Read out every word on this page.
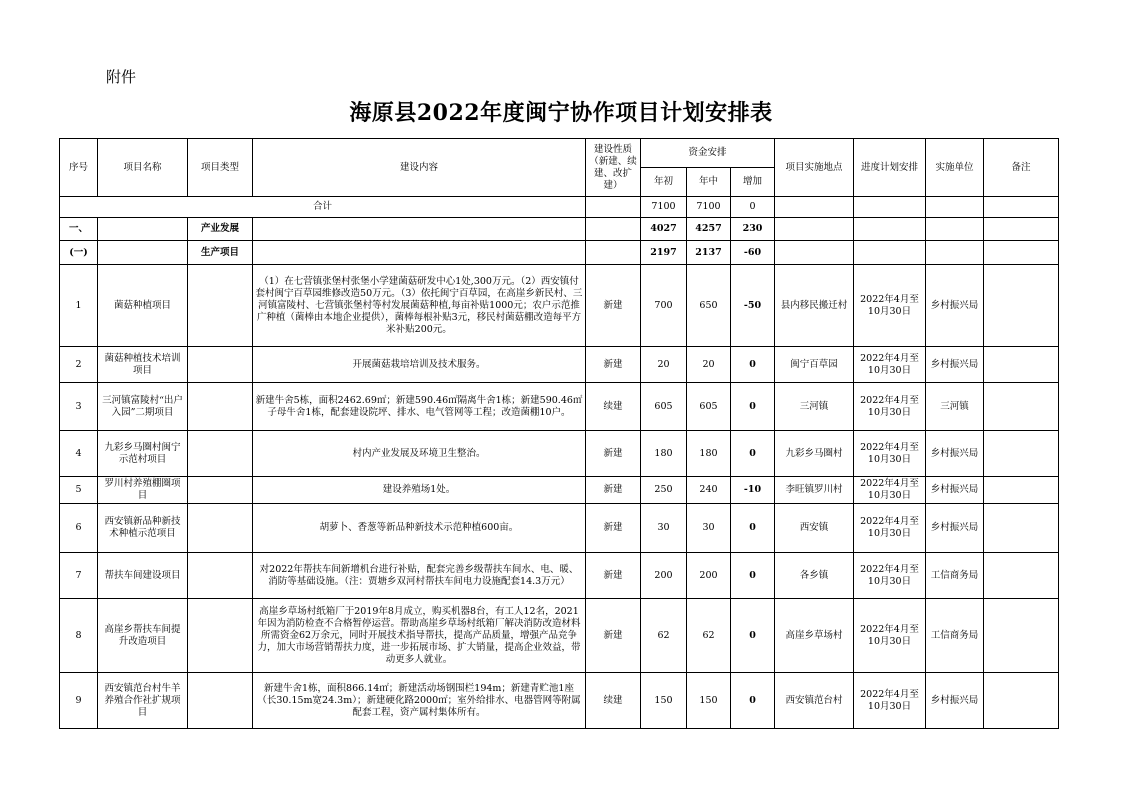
附件
海原县2022年度闽宁协作项目计划安排表
序号	项目名称	项目类型	建设内容	建设性质（新建、续建、改扩建）	资金安排			项目实施地点	进度计划安排	实施单位	备注
					年初	年中	增加				
合计					7100	7100	0				
一、		产业发展			4027	4257	230				
(一)		生产项目			2197	2137	-60				
1	菌菇种植项目		（1）在七营镇张堡村张堡小学建菌菇研发中心1处,300万元。（2）西安镇付套村闽宁百草园维修改造50万元。（3）依托闽宁百草园，在高崖乡新民村、三河镇富陵村、七营镇张堡村等村发展菌菇种植,每亩补贴1000元；农户示范推广种植（菌棒由本地企业提供），菌棒每根补贴3元，移民村菌菇棚改造每平方米补贴200元。	新建	700	650	-50	县内移民搬迁村	2022年4月至10月30日	乡村振兴局	
2	菌菇种植技术培训项目		开展菌菇栽培培训及技术服务。	新建	20	20	0	闽宁百草园	2022年4月至10月30日	乡村振兴局	
3	三河镇富陵村“出户入园”二期项目		新建牛舍5栋，面积2462.69㎡；新建590.46㎡隔离牛舍1栋；新建590.46㎡子母牛舍1栋，配套建设院坪、排水、电气管网等工程；改造菌棚10户。	续建	605	605	0	三河镇	2022年4月至10月30日	三河镇	
4	九彩乡马圈村闽宁示范村项目		村内产业发展及环境卫生整治。	新建	180	180	0	九彩乡马圈村	2022年4月至10月30日	乡村振兴局	
5	罗川村养殖棚圈项目		建设养殖场1处。	新建	250	240	-10	李旺镇罗川村	2022年4月至10月30日	乡村振兴局	
6	西安镇新品种新技术种植示范项目		胡萝卜、香葱等新品种新技术示范种植600亩。	新建	30	30	0	西安镇	2022年4月至10月30日	乡村振兴局	
7	帮扶车间建设项目		对2022年帮扶车间新增机台进行补贴，配套完善乡级帮扶车间水、电、暖、消防等基础设施。（注：贾塘乡双河村帮扶车间电力设施配套14.3万元）	新建	200	200	0	各乡镇	2022年4月至10月30日	工信商务局	
8	高崖乡帮扶车间提升改造项目		高崖乡草场村纸箱厂于2019年8月成立，购买机器8台，有工人12名，2021年因为消防检查不合格暂停运营。帮助高崖乡草场村纸箱厂解决消防改造材料所需资金62万余元，同时开展技术指导帮扶，提高产品质量，增强产品竞争力，加大市场营销帮扶力度，进一步拓展市场、扩大销量，提高企业效益，带动更多人就业。	新建	62	62	0	高崖乡草场村	2022年4月至10月30日	工信商务局	
9	西安镇范台村牛羊养殖合作社扩规项目		新建牛舍1栋，面积866.14㎡；新建活动场钢围栏194m；新建青贮池1座（长30.15m宽24.3m）；新建硬化路2000㎡；室外给排水、电器管网等附属配套工程，资产属村集体所有。	续建	150	150	0	西安镇范台村	2022年4月至10月30日	乡村振兴局	
